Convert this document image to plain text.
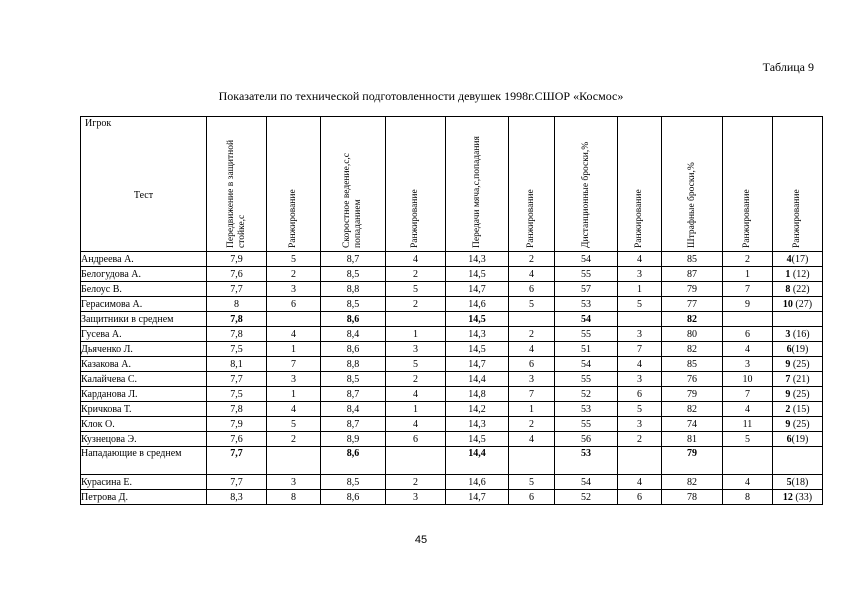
Таблица 9
Показатели по технической подготовленности девушек 1998г.СШОР «Космос»
Игрок
Тест	Передвижение в защитной стойке,с	Ранжирование	Скоростное ведение,с,с попаданием	Ранжирование	Передачи мяча,с,попадания	Ранжирование	Дистанционные броски,%	Ранжирование	Штрафные броски,%	Ранжирование	Ранжирование

Андреева А.	7,9	5	8,7	4	14,3	2	54	4	85	2	4(17)
Белогудова А.	7,6	2	8,5	2	14,5	4	55	3	87	1	1 (12)
Белоус В.	7,7	3	8,8	5	14,7	6	57	1	79	7	8 (22)
Герасимова А.	8	6	8,5	2	14,6	5	53	5	77	9	10 (27)
Защитники в среднем	7,8		8,6		14,5		54		82		
Гусева А.	7,8	4	8,4	1	14,3	2	55	3	80	6	3 (16)
Дьяченко Л.	7,5	1	8,6	3	14,5	4	51	7	82	4	6(19)
Казакова А.	8,1	7	8,8	5	14,7	6	54	4	85	3	9 (25)
Калайчева С.	7,7	3	8,5	2	14,4	3	55	3	76	10	7 (21)
Карданова Л.	7,5	1	8,7	4	14,8	7	52	6	79	7	9 (25)
Кричкова Т.	7,8	4	8,4	1	14,2	1	53	5	82	4	2 (15)
Клок О.	7,9	5	8,7	4	14,3	2	55	3	74	11	9 (25)
Кузнецова Э.	7,6	2	8,9	6	14,5	4	56	2	81	5	6(19)
Нападающие в среднем	7,7		8,6		14,4		53		79		
Курасина Е.	7,7	3	8,5	2	14,6	5	54	4	82	4	5(18)
Петрова Д.	8,3	8	8,6	3	14,7	6	52	6	78	8	12 (33)
45
